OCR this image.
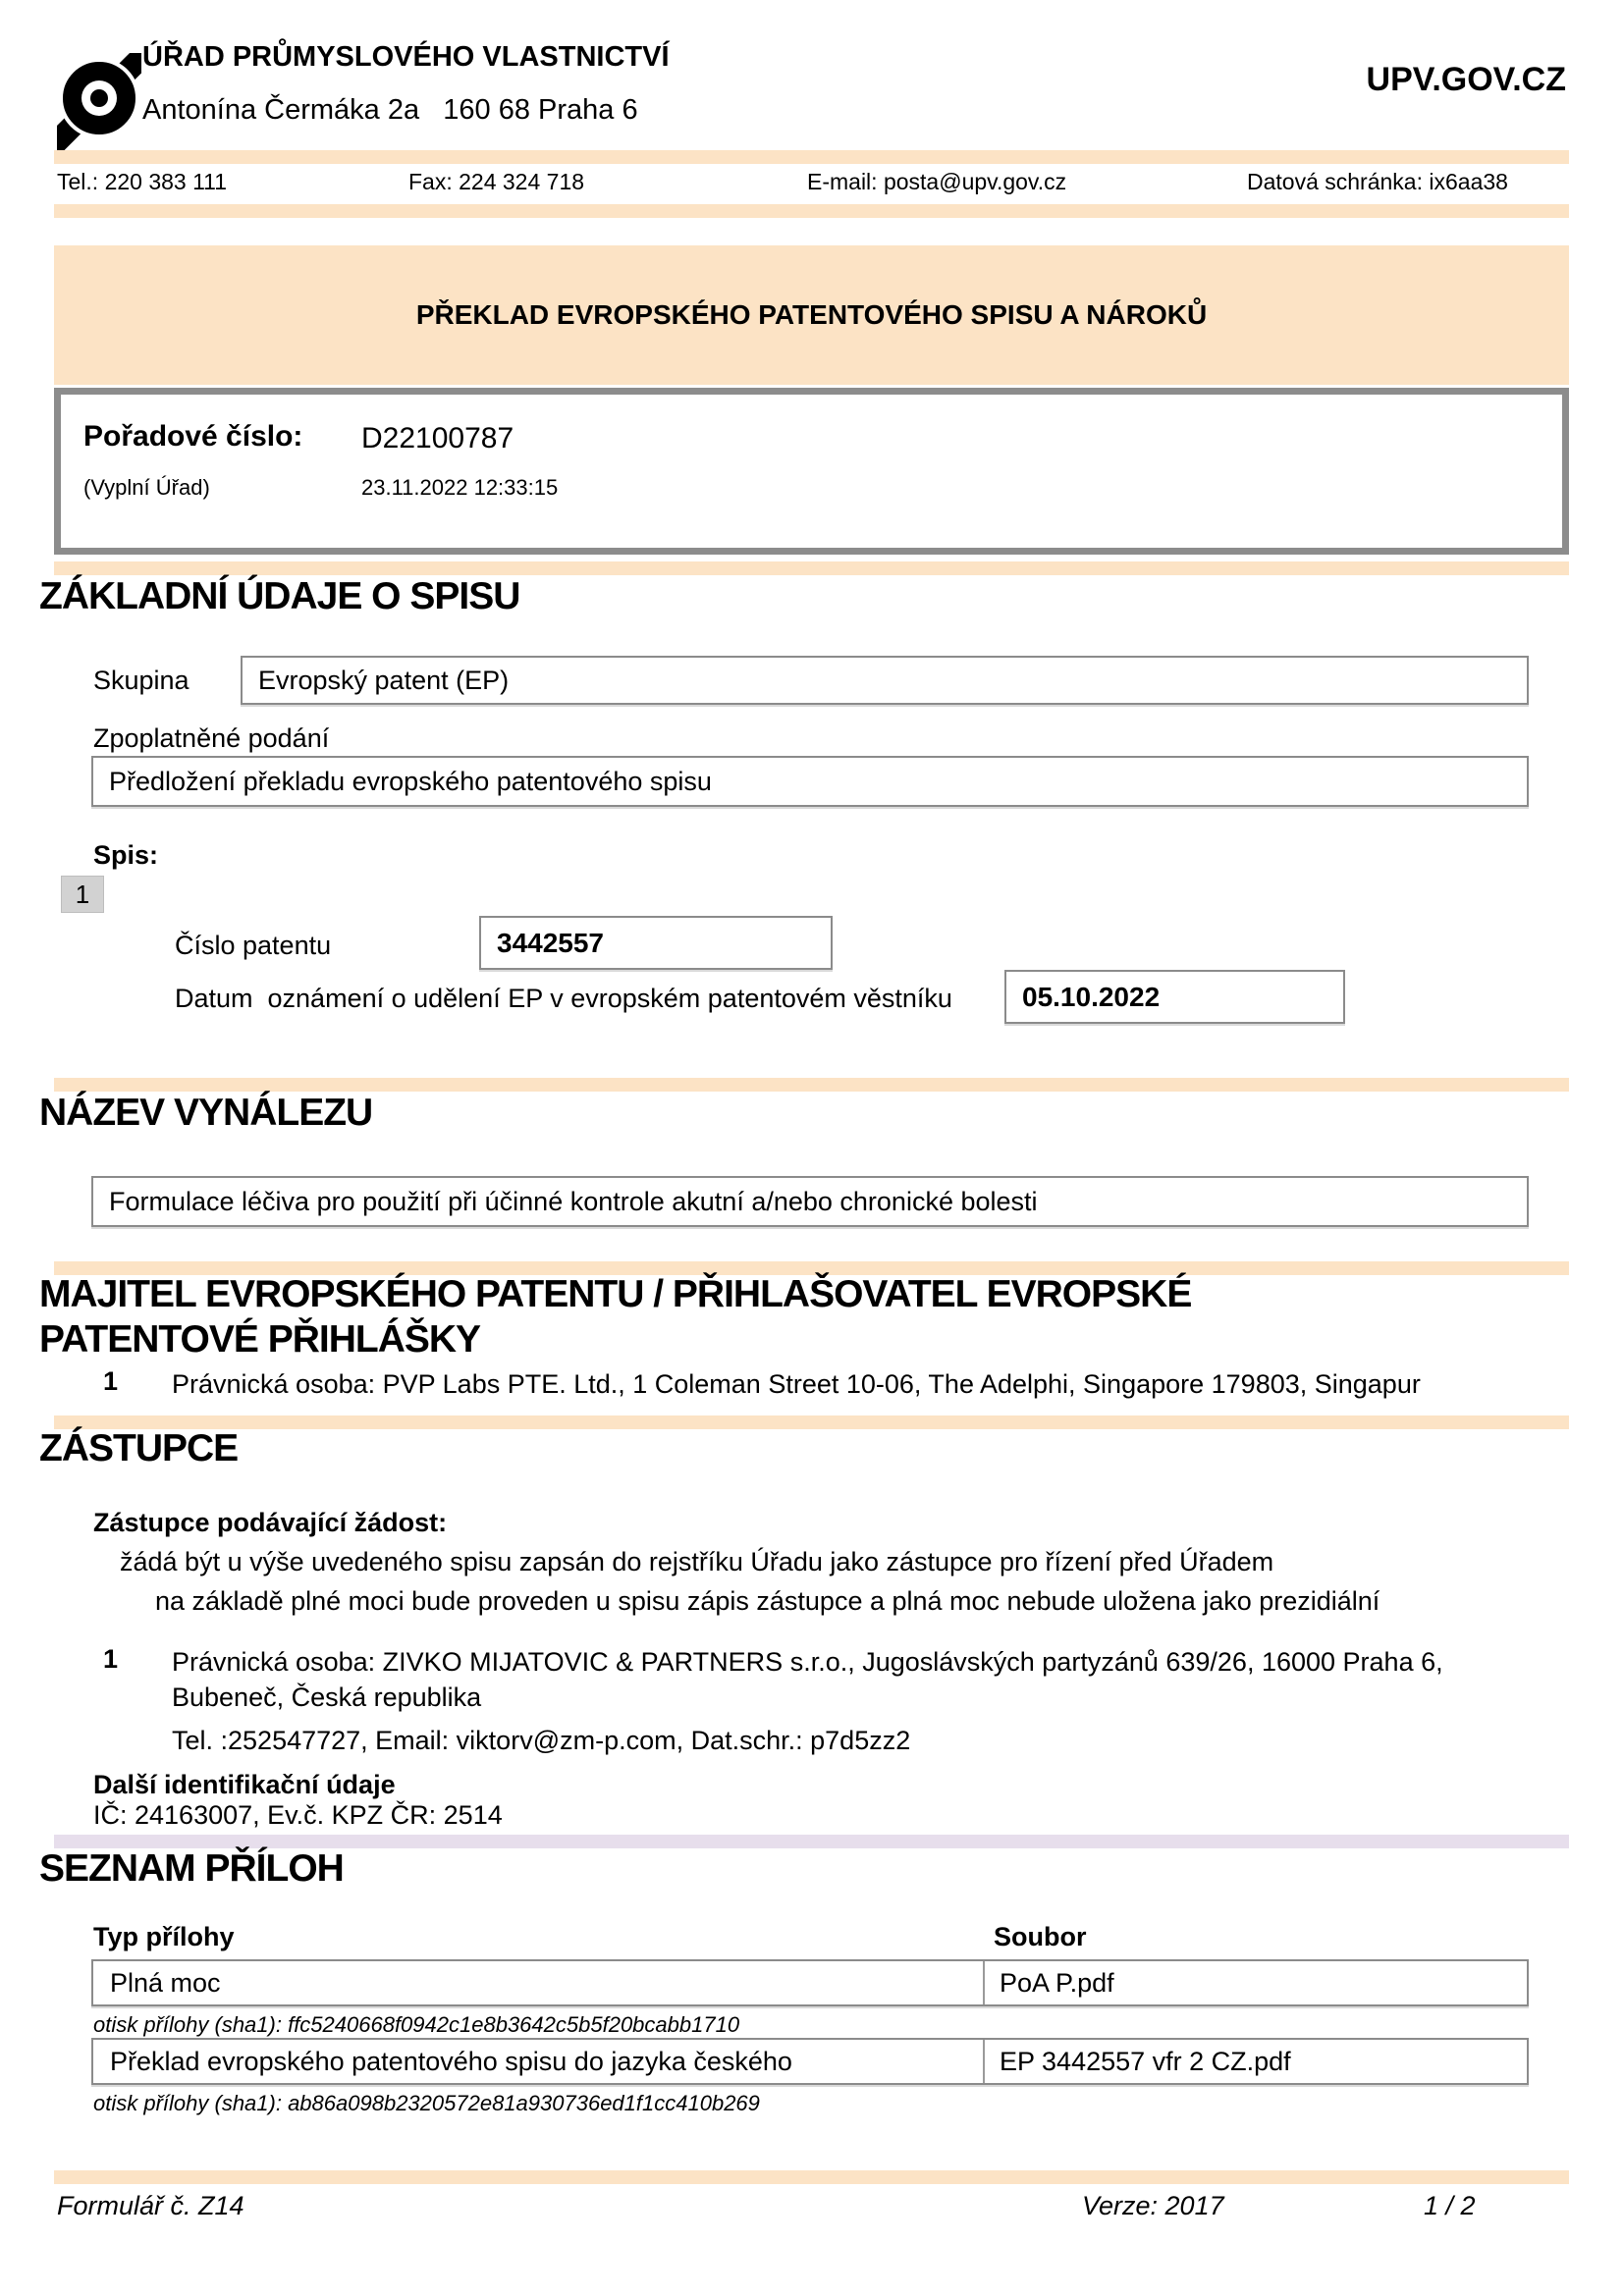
ÚŘAD PRŮMYSLOVÉHO VLASTNICTVÍ
Antonína Čermáka 2a   160 68 Praha 6
UPV.GOV.CZ
Tel.: 220 383 111	Fax: 224 324 718	E-mail: posta@upv.gov.cz	Datová schránka: ix6aa38
PŘEKLAD EVROPSKÉHO PATENTOVÉHO SPISU A NÁROKŮ
Pořadové číslo: D22100787
(Vyplní Úřad)	23.11.2022 12:33:15
ZÁKLADNÍ ÚDAJE O SPISU
Skupina	Evropský patent (EP)
Zpoplatněné podání
Předložení překladu evropského patentového spisu
Spis:
1
Číslo patentu	3442557
Datum  oznámení o udělení EP v evropském patentovém věstníku	05.10.2022
NÁZEV VYNÁLEZU
Formulace léčiva pro použití při účinné kontrole akutní a/nebo chronické bolesti
MAJITEL EVROPSKÉHO PATENTU / PŘIHLAŠOVATEL EVROPSKÉ PATENTOVÉ PŘIHLÁŠKY
1 Právnická osoba: PVP Labs PTE. Ltd., 1 Coleman Street 10-06, The Adelphi, Singapore 179803, Singapur
ZÁSTUPCE
Zástupce podávající žádost:
žádá být u výše uvedeného spisu zapsán do rejstříku Úřadu jako zástupce pro řízení před Úřadem
na základě plné moci bude proveden u spisu zápis zástupce a plná moc nebude uložena jako prezidiální
1 Právnická osoba: ZIVKO MIJATOVIC & PARTNERS s.r.o., Jugoslávských partyzánů 639/26, 16000 Praha 6, Bubeneč, Česká republika
Tel. :252547727, Email: viktorv@zm-p.com, Dat.schr.: p7d5zz2
Další identifikační údaje
IČ: 24163007, Ev.č. KPZ ČR: 2514
SEZNAM PŘÍLOH
Typ přílohy	Soubor
Plná moc	PoA P.pdf
otisk přílohy (sha1): ffc5240668f0942c1e8b3642c5b5f20bcabb1710
Překlad evropského patentového spisu do jazyka českého	EP 3442557 vfr 2 CZ.pdf
otisk přílohy (sha1): ab86a098b2320572e81a930736ed1f1cc410b269
Formulář č. Z14	Verze: 2017	1 / 2
